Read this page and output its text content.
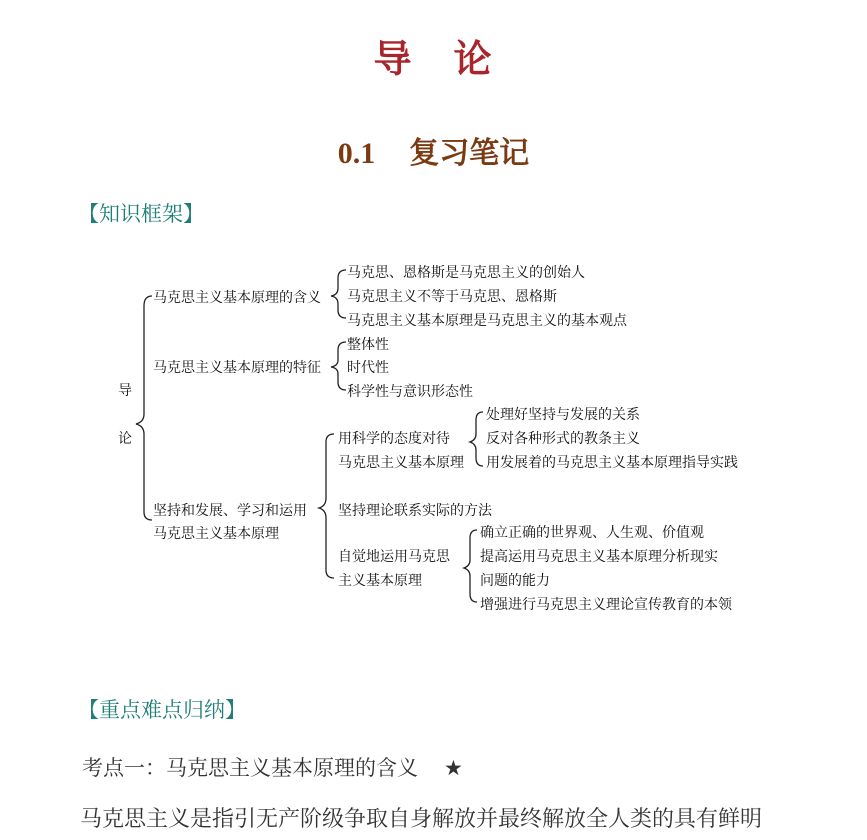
导　论
0.1 复习笔记
【知识框架】
导
论
马克思主义基本原理的含义
马克思、恩格斯是马克思主义的创始人
马克思主义不等于马克思、恩格斯
马克思主义基本原理是马克思主义的基本观点
马克思主义基本原理的特征
整体性
时代性
科学性与意识形态性
坚持和发展、学习和运用
马克思主义基本原理
用科学的态度对待
马克思主义基本原理
处理好坚持与发展的关系
反对各种形式的教条主义
用发展着的马克思主义基本原理指导实践
坚持理论联系实际的方法
自觉地运用马克思
主义基本原理
确立正确的世界观、人生观、价值观
提高运用马克思主义基本原理分析现实
问题的能力
增强进行马克思主义理论宣传教育的本领
【重点难点归纳】
考点一：马克思主义基本原理的含义 ★
马克思主义是指引无产阶级争取自身解放并最终解放全人类的具有鲜明
